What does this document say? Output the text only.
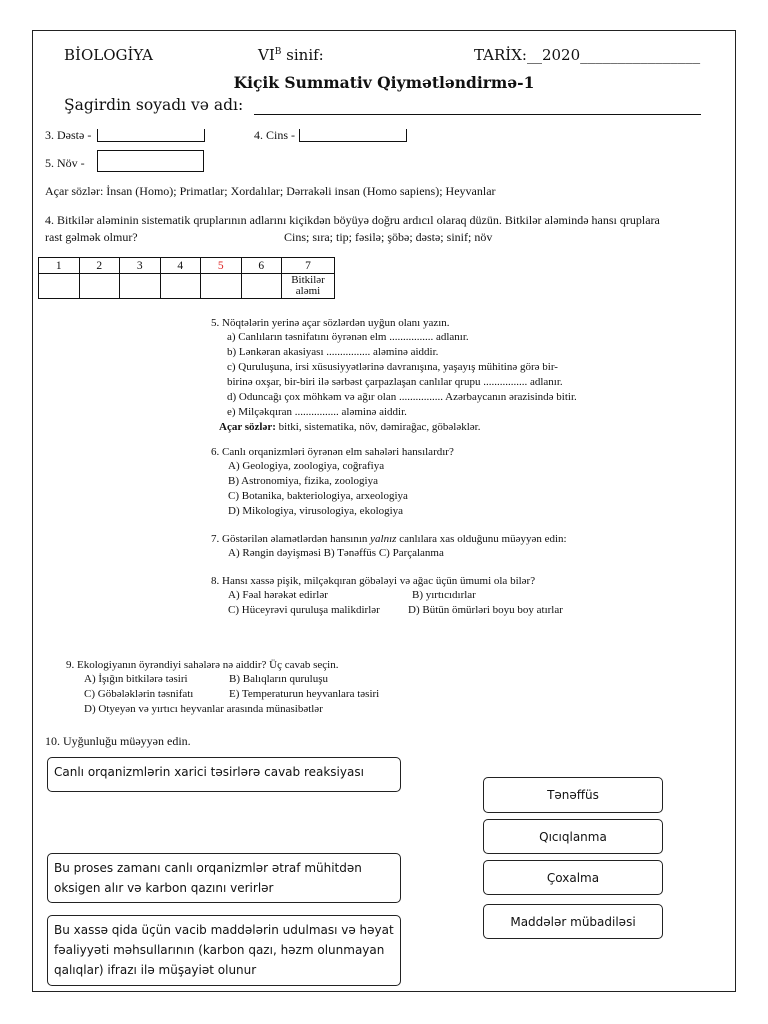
BİOLOGİYA	$VI^B$ sinif:	TARİX:__2020________________
Kiçik Summativ Qiymətləndirmə-1
Şagirdin soyadı və adı:
3. Dəstə -	4. Cins -
5. Növ -
Açar sözlər: İnsan (Homo); Primatlar; Xordalılar; Dərrakəli insan (Homo sapiens); Heyvanlar
4. Bitkilər aləminin sistematik qruplarının adlarını kiçikdən böyüyə doğru ardıcıl olaraq düzün. Bitkilər aləmində hansı qruplara
rast gəlmək olmur?	Cins; sıra; tip; fəsilə; şöbə; dəstə; sinif; növ
1	2	3	4	5	6	7

						Bitkilər
aləmi
5. Nöqtələrin yerinə açar sözlərdən uyğun olanı yazın.
a) Canlıların təsnifatını öyrənən elm ................ adlanır.
b) Lənkəran akasiyası ................ aləminə aiddir.
c) Quruluşuna, irsi xüsusiyyətlərinə davranışına, yaşayış mühitinə görə bir-
birinə oxşar, bir-biri ilə sərbəst çarpazlaşan canlılar qrupu ................ adlanır.
d) Oduncağı çox möhkəm və ağır olan ................ Azərbaycanın ərazisində bitir.
e) Milçəkqıran ................ aləminə aiddir.
Açar sözlər: bitki, sistematika, növ, dəmirağac, göbələklər.
6. Canlı orqanizmləri öyrənən elm sahələri hansılardır?
A) Geologiya, zoologiya, coğrafiya
B) Astronomiya, fizika, zoologiya
C) Botanika, bakteriologiya, arxeologiya
D) Mikologiya, virusologiya, ekologiya
7. Göstərilən əlamətlərdən hansının yalnız canlılara xas olduğunu müəyyən edin:
A) Rəngin dəyişməsi B) Tənəffüs C) Parçalanma
8. Hansı xassə pişik, milçəkqıran göbələyi və ağac üçün ümumi ola bilər?
A) Fəal hərəkət edirlər	B) yırtıcıdırlar
C) Hüceyrəvi quruluşa malikdirlər	D) Bütün ömürləri boyu boy atırlar
9. Ekologiyanın öyrəndiyi sahələrə nə aiddir? Üç cavab seçin.
A) İşığın bitkilərə təsiri	B) Balıqların quruluşu
C) Göbələklərin təsnifatı	E) Temperaturun heyvanlara təsiri
D) Otyeyən və yırtıcı heyvanlar arasında münasibətlər
10. Uyğunluğu müəyyən edin.
Canlı orqanizmlərin xarici təsirlərə cavab reaksiyası
Bu proses zamanı canlı orqanizmlər ətraf mühitdən oksigen alır və karbon qazını verirlər
Bu xassə qida üçün vacib maddələrin udulması və həyat fəaliyyəti məhsullarının (karbon qazı, həzm olunmayan qalıqlar) ifrazı ilə müşayiət olunur
Tənəffüs
Qıcıqlanma
Çoxalma
Maddələr mübadiləsi
